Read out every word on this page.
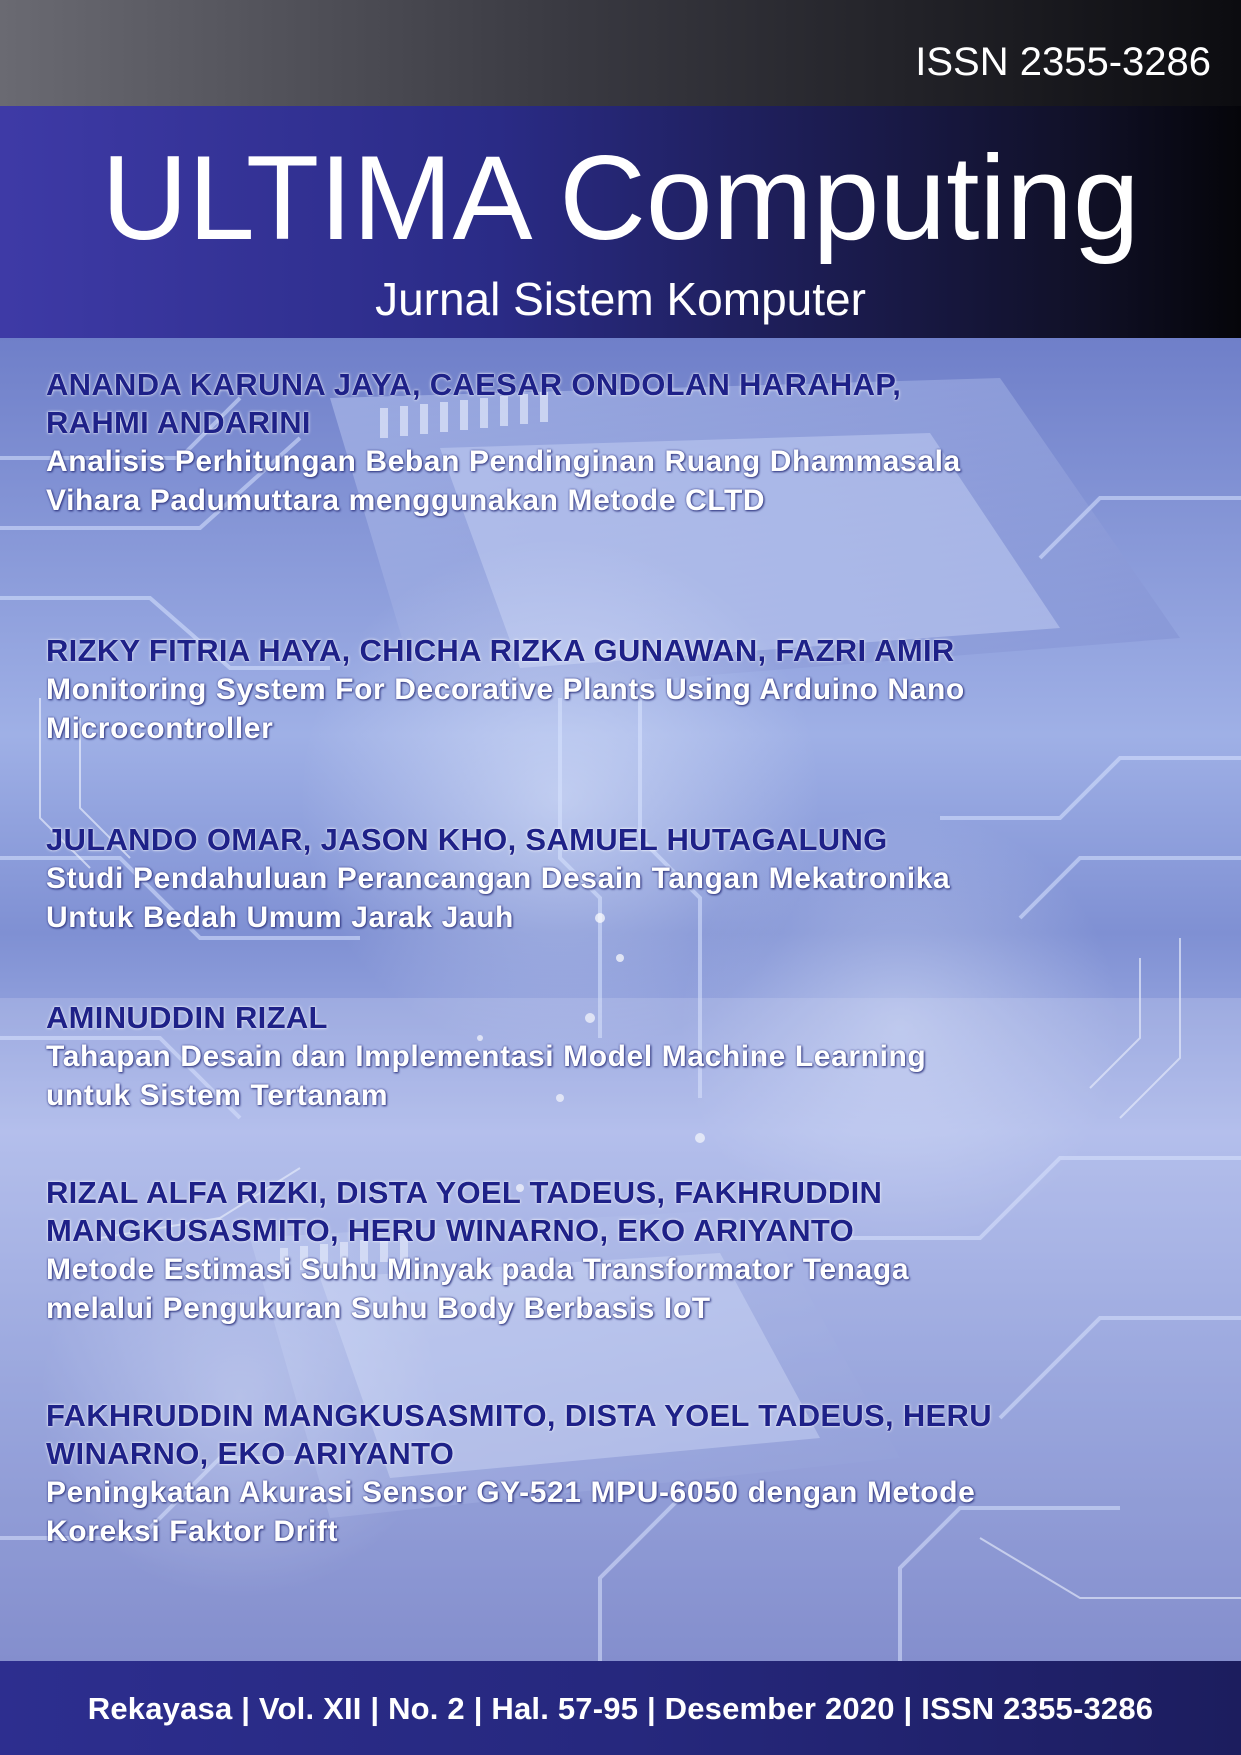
ISSN 2355-3286
ULTIMA Computing
Jurnal Sistem Komputer
ANANDA KARUNA JAYA, CAESAR ONDOLAN HARAHAP,
RAHMI ANDARINI
Analisis Perhitungan Beban Pendinginan Ruang Dhammasala
Vihara Padumuttara menggunakan Metode CLTD
RIZKY FITRIA HAYA, CHICHA RIZKA GUNAWAN, FAZRI AMIR
Monitoring System For Decorative Plants Using Arduino Nano
Microcontroller
JULANDO OMAR, JASON KHO, SAMUEL HUTAGALUNG
Studi Pendahuluan Perancangan Desain Tangan Mekatronika
Untuk Bedah Umum Jarak Jauh
AMINUDDIN RIZAL
Tahapan Desain dan Implementasi Model Machine Learning
untuk Sistem Tertanam
RIZAL ALFA RIZKI, DISTA YOEL TADEUS, FAKHRUDDIN
MANGKUSASMITO, HERU WINARNO, EKO ARIYANTO
Metode Estimasi Suhu Minyak pada Transformator Tenaga
melalui Pengukuran Suhu Body Berbasis IoT
FAKHRUDDIN MANGKUSASMITO, DISTA YOEL TADEUS, HERU
WINARNO, EKO ARIYANTO
Peningkatan Akurasi Sensor GY-521 MPU-6050 dengan Metode
Koreksi Faktor Drift
Rekayasa | Vol. XII | No. 2 | Hal. 57-95 | Desember 2020 | ISSN 2355-3286
